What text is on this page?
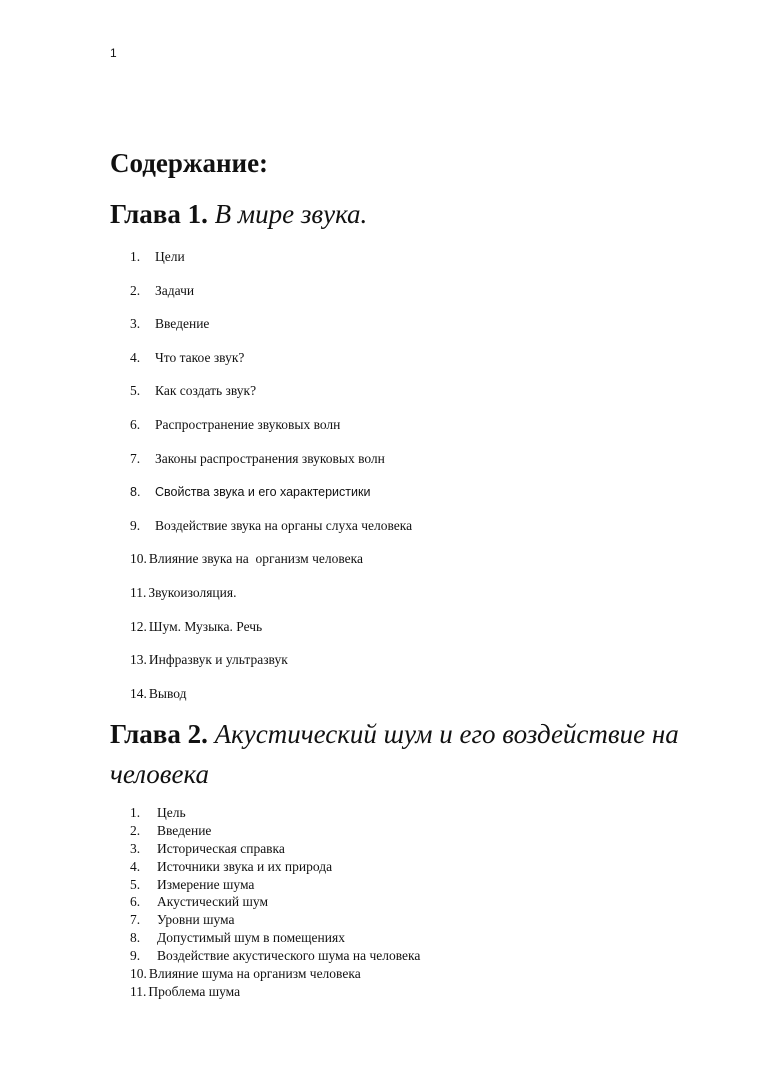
1
Содержание:
Глава 1. В мире звука.
1.	Цели
2.	Задачи
3.	Введение
4.	Что такое звук?
5.	Как создать звук?
6.	Распространение звуковых волн
7.	Законы распространения звуковых волн
8.	Свойства звука и его характеристики
9.	Воздействие звука на органы слуха человека
10. Влияние звука на  организм человека
11. Звукоизоляция.
12. Шум. Музыка. Речь
13. Инфразвук и ультразвук
14. Вывод
Глава 2. Акустический шум и его воздействие на человека
1.	Цель
2.	Введение
3.	Историческая справка
4.	Источники звука и их природа
5.	Измерение шума
6.	Акустический шум
7.	Уровни шума
8.	Допустимый шум в помещениях
9.	Воздействие акустического шума на человека
10. Влияние шума на организм человека
11. Проблема шума
